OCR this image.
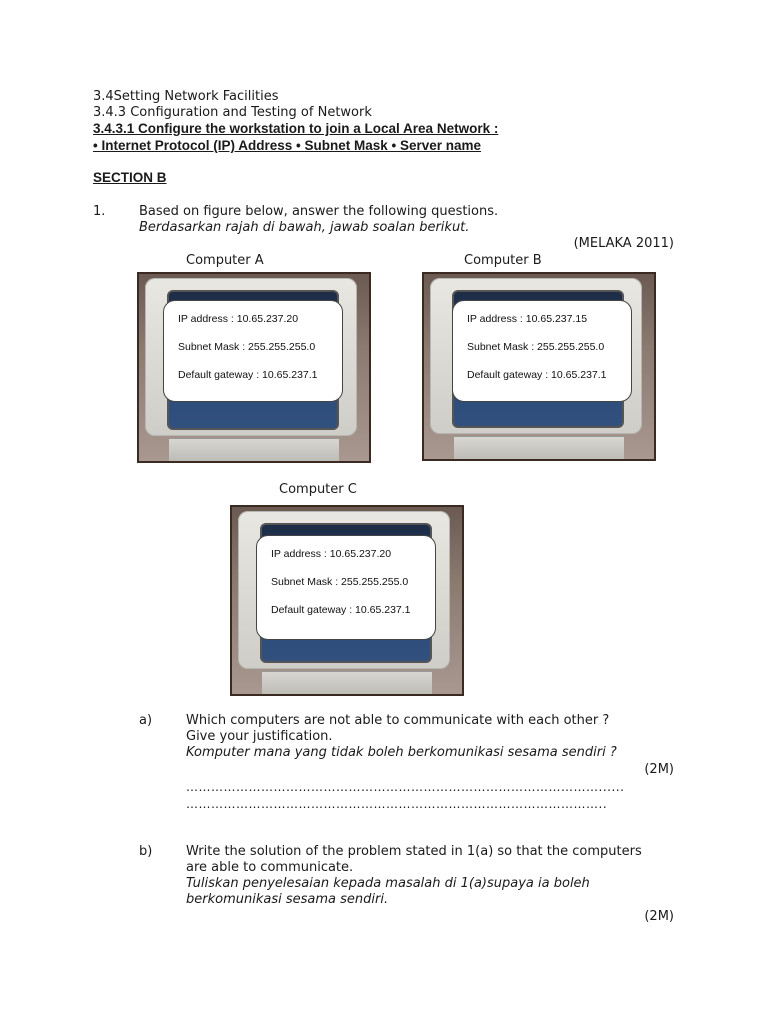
3.4Setting Network Facilities
3.4.3 Configuration and Testing of Network
3.4.3.1 Configure the workstation to join a Local Area Network :
• Internet Protocol (IP) Address • Subnet Mask • Server name
SECTION B
1.	Based on figure below, answer the following questions.
Berdasarkan rajah di bawah, jawab soalan berikut.
(MELAKA 2011)
Computer A
IP address : 10.65.237.20
Subnet Mask : 255.255.255.0
Default gateway : 10.65.237.1
Computer B
IP address : 10.65.237.15
Subnet Mask : 255.255.255.0
Default gateway : 10.65.237.1
Computer C
IP address : 10.65.237.20
Subnet Mask : 255.255.255.0
Default gateway : 10.65.237.1
a)	Which computers are not able to communicate with each other ?
Give your justification.
Komputer mana yang tidak boleh berkomunikasi sesama sendiri ?
(2M)
………………………………………………………………………………………......
………………………………………………………………………………………..
b)	Write the solution of the problem stated in 1(a) so that the computers
are able to communicate.
Tuliskan penyelesaian kepada masalah di 1(a)supaya ia boleh
berkomunikasi sesama sendiri.
(2M)
